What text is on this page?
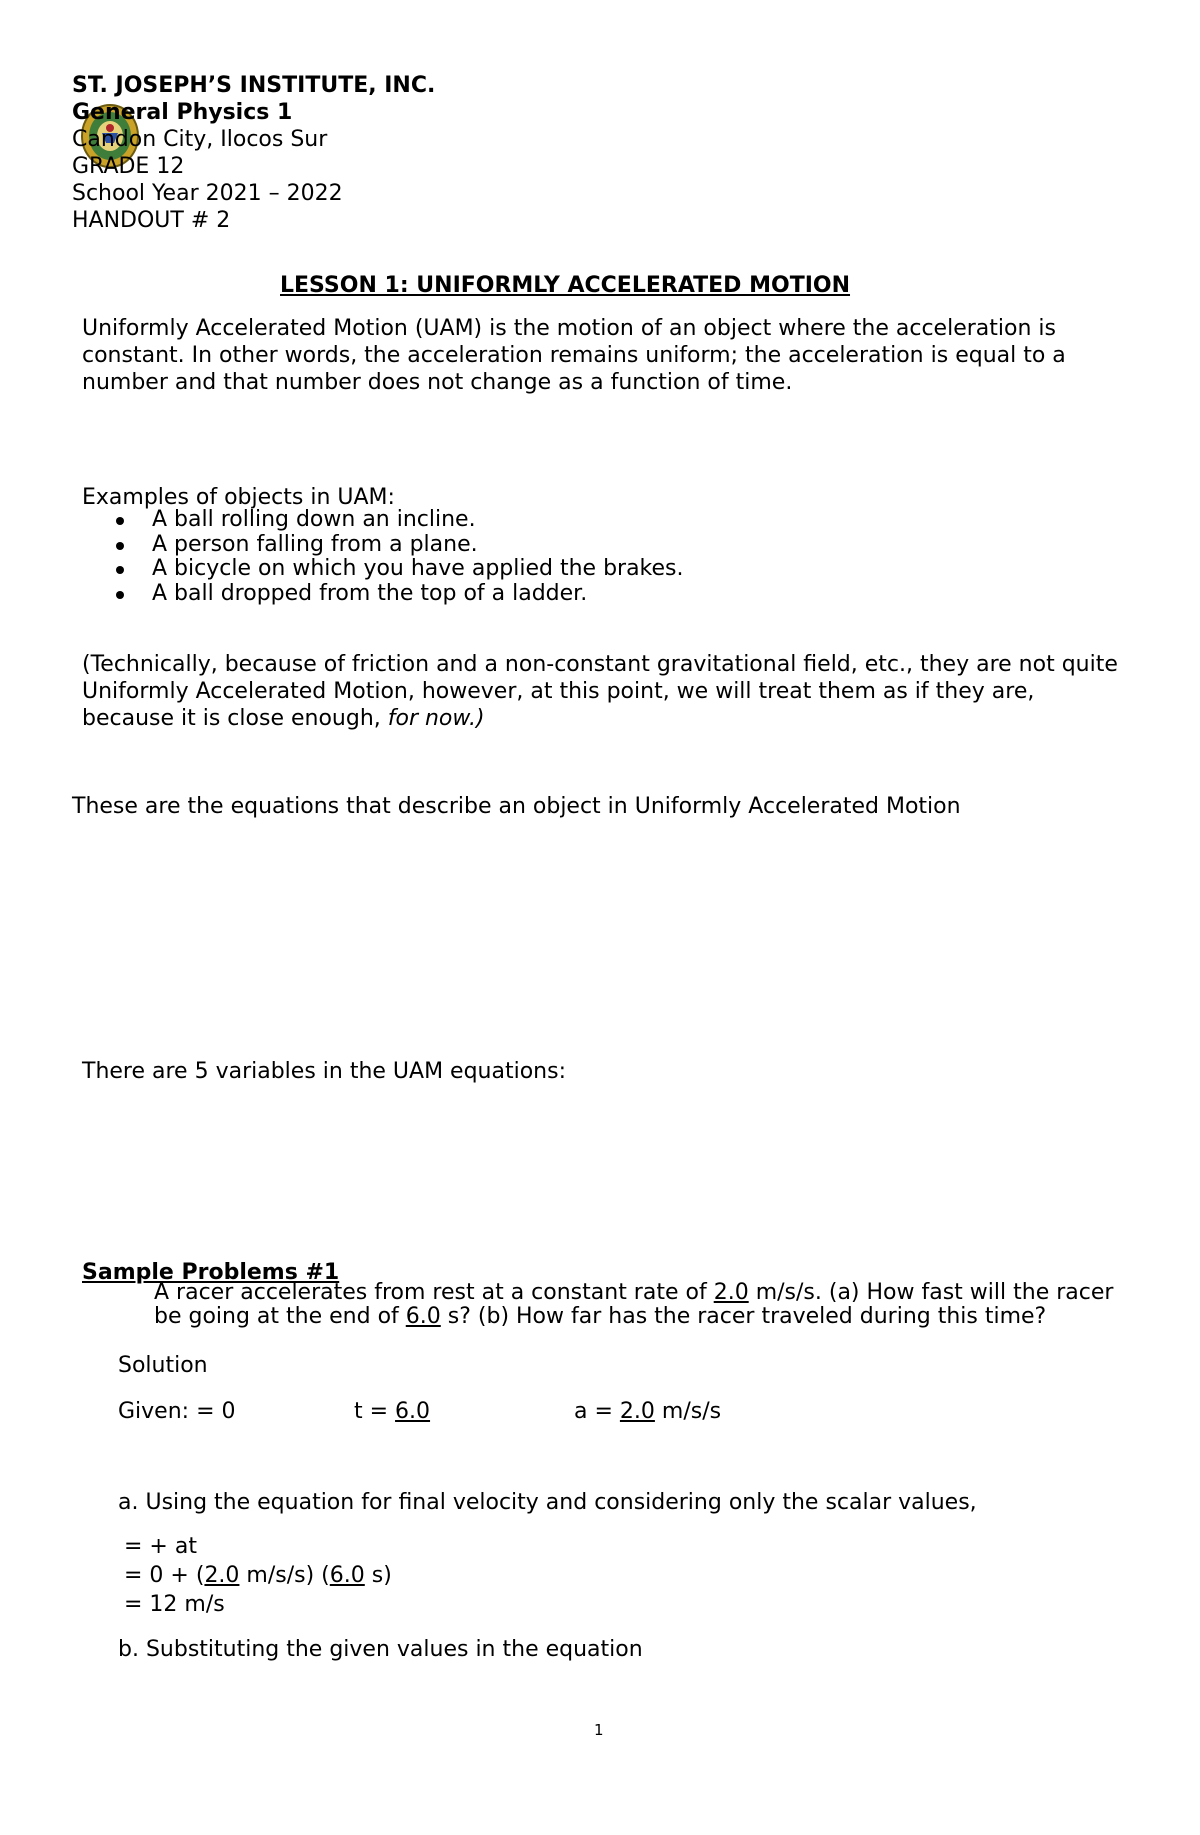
ST. JOSEPH’S INSTITUTE, INC.
General Physics 1
Candon City, Ilocos Sur
GRADE 12
School Year 2021 – 2022
HANDOUT # 2
LESSON 1: UNIFORMLY ACCELERATED MOTION
Uniformly Accelerated Motion (UAM) is the motion of an object where the acceleration is constant. In other words, the acceleration remains uniform; the acceleration is equal to a number and that number does not change as a function of time.
Examples of objects in UAM:
A ball rolling down an incline.
A person falling from a plane.
A bicycle on which you have applied the brakes.
A ball dropped from the top of a ladder.
(Technically, because of friction and a non-constant gravitational field, etc., they are not quite Uniformly Accelerated Motion, however, at this point, we will treat them as if they are, because it is close enough, for now.)
These are the equations that describe an object in Uniformly Accelerated Motion
There are 5 variables in the UAM equations:
Sample Problems #1
A racer accelerates from rest at a constant rate of 2.0 m/s/s. (a) How fast will the racer be going at the end of 6.0 s? (b) How far has the racer traveled during this time?
Solution
Given: = 0	t = 6.0	a = 2.0 m/s/s
a. Using the equation for final velocity and considering only the scalar values,
= + at
= 0 + (2.0 m/s/s) (6.0 s)
= 12 m/s
b. Substituting the given values in the equation
1
